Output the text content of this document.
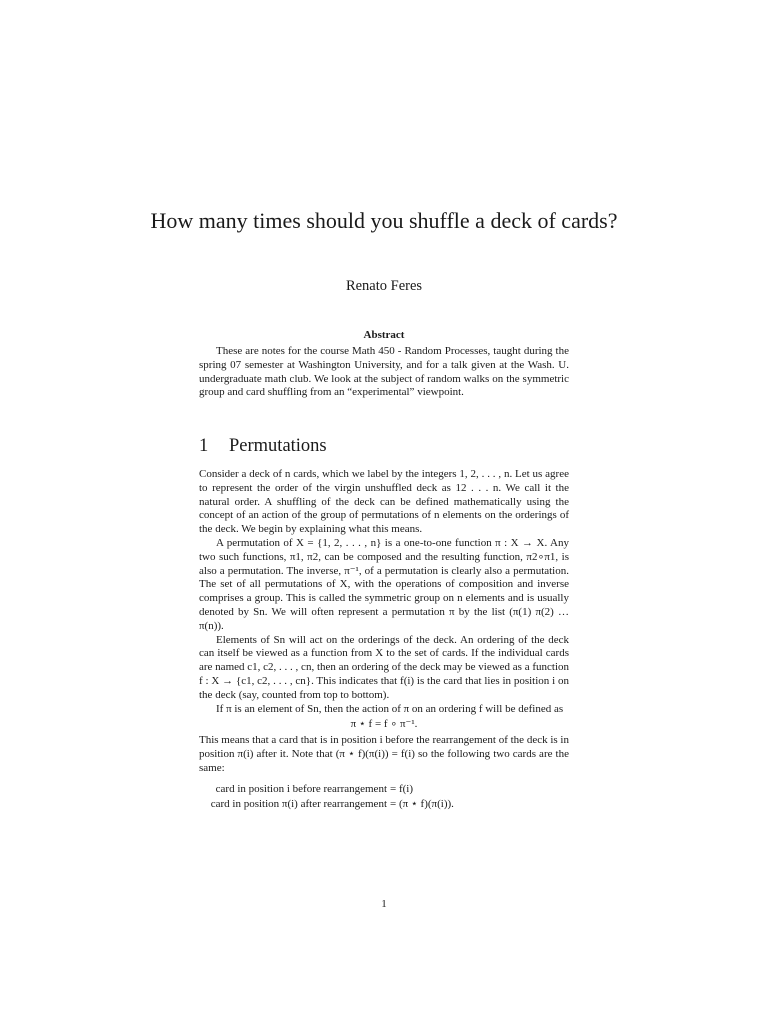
How many times should you shuffle a deck of cards?
Renato Feres
Abstract
These are notes for the course Math 450 - Random Processes, taught during the spring 07 semester at Washington University, and for a talk given at the Wash. U. undergraduate math club. We look at the subject of random walks on the symmetric group and card shuffling from an “experimental” viewpoint.
1 Permutations

Consider a deck of n cards, which we label by the integers 1, 2, . . . , n. Let us agree to represent the order of the virgin unshuffled deck as 12 . . . n. We call it the natural order. A shuffling of the deck can be defined mathematically using the concept of an action of the group of permutations of n elements on the orderings of the deck. We begin by explaining what this means.

A permutation of X = {1, 2, . . . , n} is a one-to-one function π : X → X. Any two such functions, π1, π2, can be composed and the resulting function, π2∘π1, is also a permutation. The inverse, π⁻¹, of a permutation is clearly also a permutation. The set of all permutations of X, with the operations of composition and inverse comprises a group. This is called the symmetric group on n elements and is usually denoted by Sn. We will often represent a permutation π by the list (π(1) π(2) … π(n)).

Elements of Sn will act on the orderings of the deck. An ordering of the deck can itself be viewed as a function from X to the set of cards. If the individual cards are named c1, c2, . . . , cn, then an ordering of the deck may be viewed as a function f : X → {c1, c2, . . . , cn}. This indicates that f(i) is the card that lies in position i on the deck (say, counted from top to bottom).

If π is an element of Sn, then the action of π on an ordering f will be defined as

π ⋆ f = f ∘ π⁻¹.

This means that a card that is in position i before the rearrangement of the deck is in position π(i) after it. Note that (π ⋆ f)(π(i)) = f(i) so the following two cards are the same:

card in position i before rearrangement = f(i)
card in position π(i) after rearrangement = (π ⋆ f)(π(i)).
1
